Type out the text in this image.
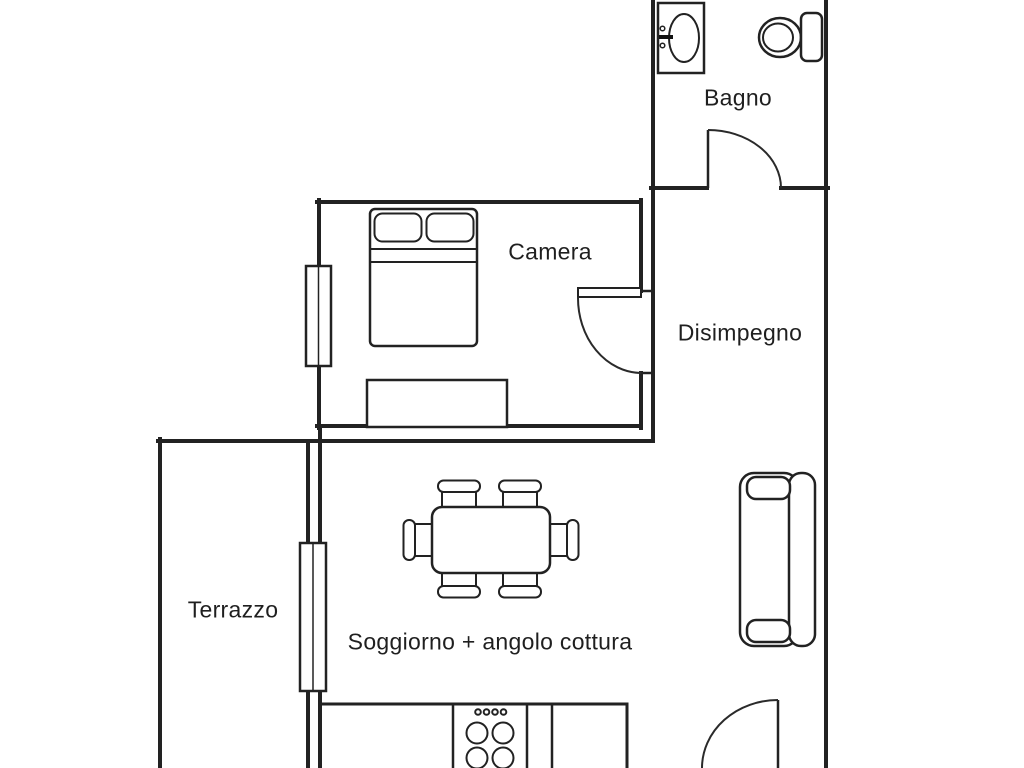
Bagno
Camera
Disimpegno
Terrazzo
Soggiorno + angolo cottura
